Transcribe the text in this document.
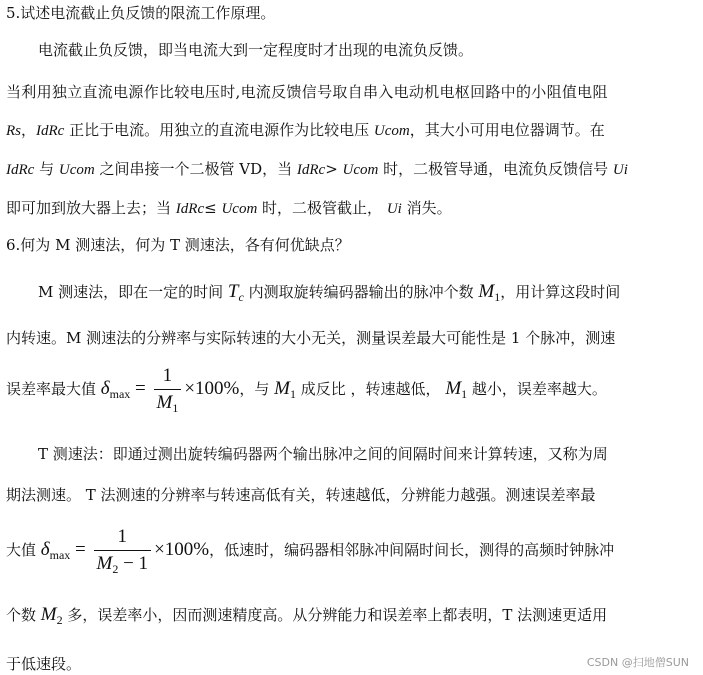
5.试述电流截止负反馈的限流工作原理。
电流截止负反馈，即当电流大到一定程度时才出现的电流负反馈。
当利用独立直流电源作比较电压时,电流反馈信号取自串入电动机电枢回路中的小阻值电阻
Rs，IdRc 正比于电流。用独立的直流电源作为比较电压 Ucom，其大小可用电位器调节。在
IdRc 与 Ucom 之间串接一个二极管 VD，当 IdRc> Ucom 时，二极管导通，电流负反馈信号 Ui
即可加到放大器上去；当 IdRc≤ Ucom 时，二极管截止， Ui 消失。
6.何为 M 测速法，何为 T 测速法，各有何优缺点？
M 测速法，即在一定的时间 $T_c$ 内测取旋转编码器输出的脉冲个数 $M_1$，用计算这段时间
内转速。M 测速法的分辨率与实际转速的大小无关，测量误差最大可能性是 1 个脉冲，测速
误差率最大值 $\delta_{max} = \frac{1}{M_1} \times 100\%$，与 $M_1$ 成反比 ，转速越低， $M_1$ 越小，误差率越大。
T 测速法：即通过测出旋转编码器两个输出脉冲之间的间隔时间来计算转速，又称为周
期法测速。 T 法测速的分辨率与转速高低有关，转速越低，分辨能力越强。测速误差率最
大值 $\delta_{max} = \frac{1}{M_2 - 1} \times 100\%$，低速时，编码器相邻脉冲间隔时间长，测得的高频时钟脉冲
个数 $M_2$ 多，误差率小，因而测速精度高。从分辨能力和误差率上都表明，T 法测速更适用
于低速段。	CSDN @扫地僧SUN
